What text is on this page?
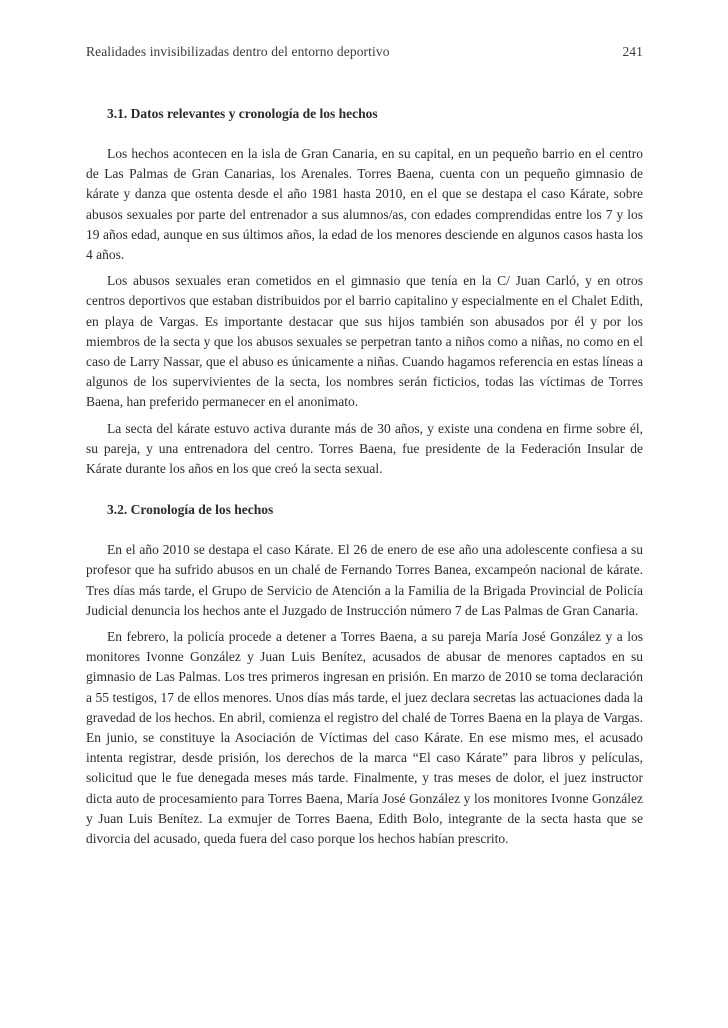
Realidades invisibilizadas dentro del entorno deportivo	241
3.1. Datos relevantes y cronología de los hechos

Los hechos acontecen en la isla de Gran Canaria, en su capital, en un pequeño barrio en el centro de Las Palmas de Gran Canarias, los Arenales. Torres Baena, cuenta con un pequeño gimnasio de kárate y danza que ostenta desde el año 1981 hasta 2010, en el que se destapa el caso Kárate, sobre abusos sexuales por parte del entrenador a sus alumnos/as, con edades comprendidas entre los 7 y los 19 años edad, aunque en sus últimos años, la edad de los menores desciende en algunos casos hasta los 4 años.

Los abusos sexuales eran cometidos en el gimnasio que tenía en la C/ Juan Carló, y en otros centros deportivos que estaban distribuidos por el barrio capitalino y especialmente en el Chalet Edith, en playa de Vargas. Es importante destacar que sus hijos también son abusados por él y por los miembros de la secta y que los abusos sexuales se perpetran tanto a niños como a niñas, no como en el caso de Larry Nassar, que el abuso es únicamente a niñas. Cuando hagamos referencia en estas líneas a algunos de los supervivientes de la secta, los nombres serán ficticios, todas las víctimas de Torres Baena, han preferido permanecer en el anonimato.

La secta del kárate estuvo activa durante más de 30 años, y existe una condena en firme sobre él, su pareja, y una entrenadora del centro. Torres Baena, fue presidente de la Federación Insular de Kárate durante los años en los que creó la secta sexual.

3.2. Cronología de los hechos

En el año 2010 se destapa el caso Kárate. El 26 de enero de ese año una adolescente confiesa a su profesor que ha sufrido abusos en un chalé de Fernando Torres Banea, excampeón nacional de kárate. Tres días más tarde, el Grupo de Servicio de Atención a la Familia de la Brigada Provincial de Policía Judicial denuncia los hechos ante el Juzgado de Instrucción número 7 de Las Palmas de Gran Canaria.

En febrero, la policía procede a detener a Torres Baena, a su pareja María José González y a los monitores Ivonne González y Juan Luis Benítez, acusados de abusar de menores captados en su gimnasio de Las Palmas. Los tres primeros ingresan en prisión. En marzo de 2010 se toma declaración a 55 testigos, 17 de ellos menores. Unos días más tarde, el juez declara secretas las actuaciones dada la gravedad de los hechos. En abril, comienza el registro del chalé de Torres Baena en la playa de Vargas. En junio, se constituye la Asociación de Víctimas del caso Kárate. En ese mismo mes, el acusado intenta registrar, desde prisión, los derechos de la marca “El caso Kárate” para libros y películas, solicitud que le fue denegada meses más tarde. Finalmente, y tras meses de dolor, el juez instructor dicta auto de procesamiento para Torres Baena, María José González y los monitores Ivonne González y Juan Luis Benítez. La exmujer de Torres Baena, Edith Bolo, integrante de la secta hasta que se divorcia del acusado, queda fuera del caso porque los hechos habían prescrito.
